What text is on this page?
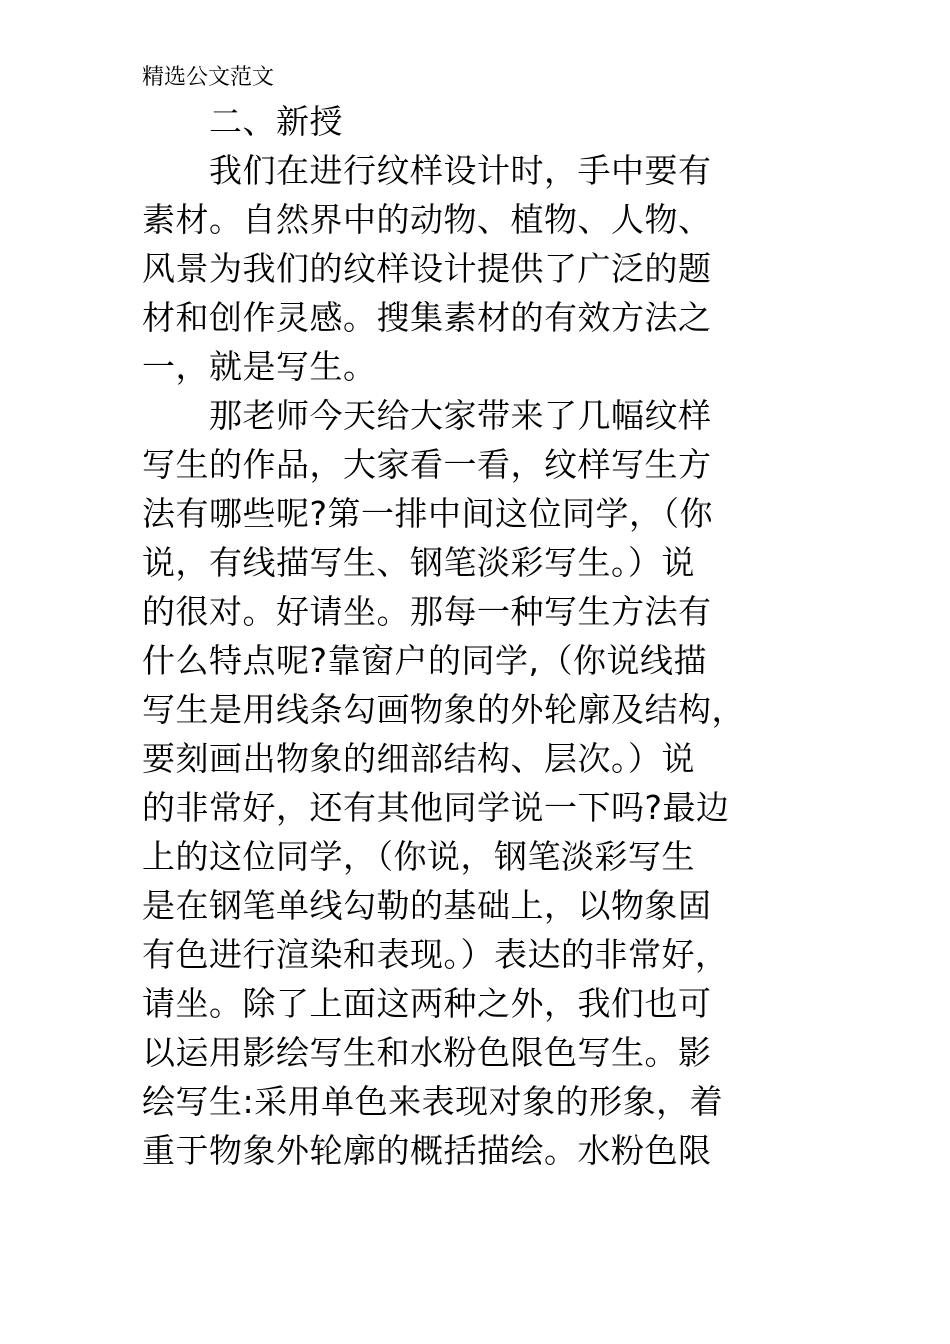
精选公文范文
　　二、新授
　　我们在进行纹样设计时，手中要有
素材。自然界中的动物、植物、人物、
风景为我们的纹样设计提供了广泛的题
材和创作灵感。搜集素材的有效方法之
一，就是写生。
　　那老师今天给大家带来了几幅纹样
写生的作品，大家看一看，纹样写生方
法有哪些呢?第一排中间这位同学，（你
说，有线描写生、钢笔淡彩写生。）说
的很对。好请坐。那每一种写生方法有
什么特点呢?靠窗户的同学,（你说线描
写生是用线条勾画物象的外轮廓及结构，
要刻画出物象的细部结构、层次。）说
的非常好，还有其他同学说一下吗?最边
上的这位同学，（你说，钢笔淡彩写生
是在钢笔单线勾勒的基础上，以物象固
有色进行渲染和表现。）表达的非常好，
请坐。除了上面这两种之外，我们也可
以运用影绘写生和水粉色限色写生。影
绘写生:采用单色来表现对象的形象，着
重于物象外轮廓的概括描绘。水粉色限
